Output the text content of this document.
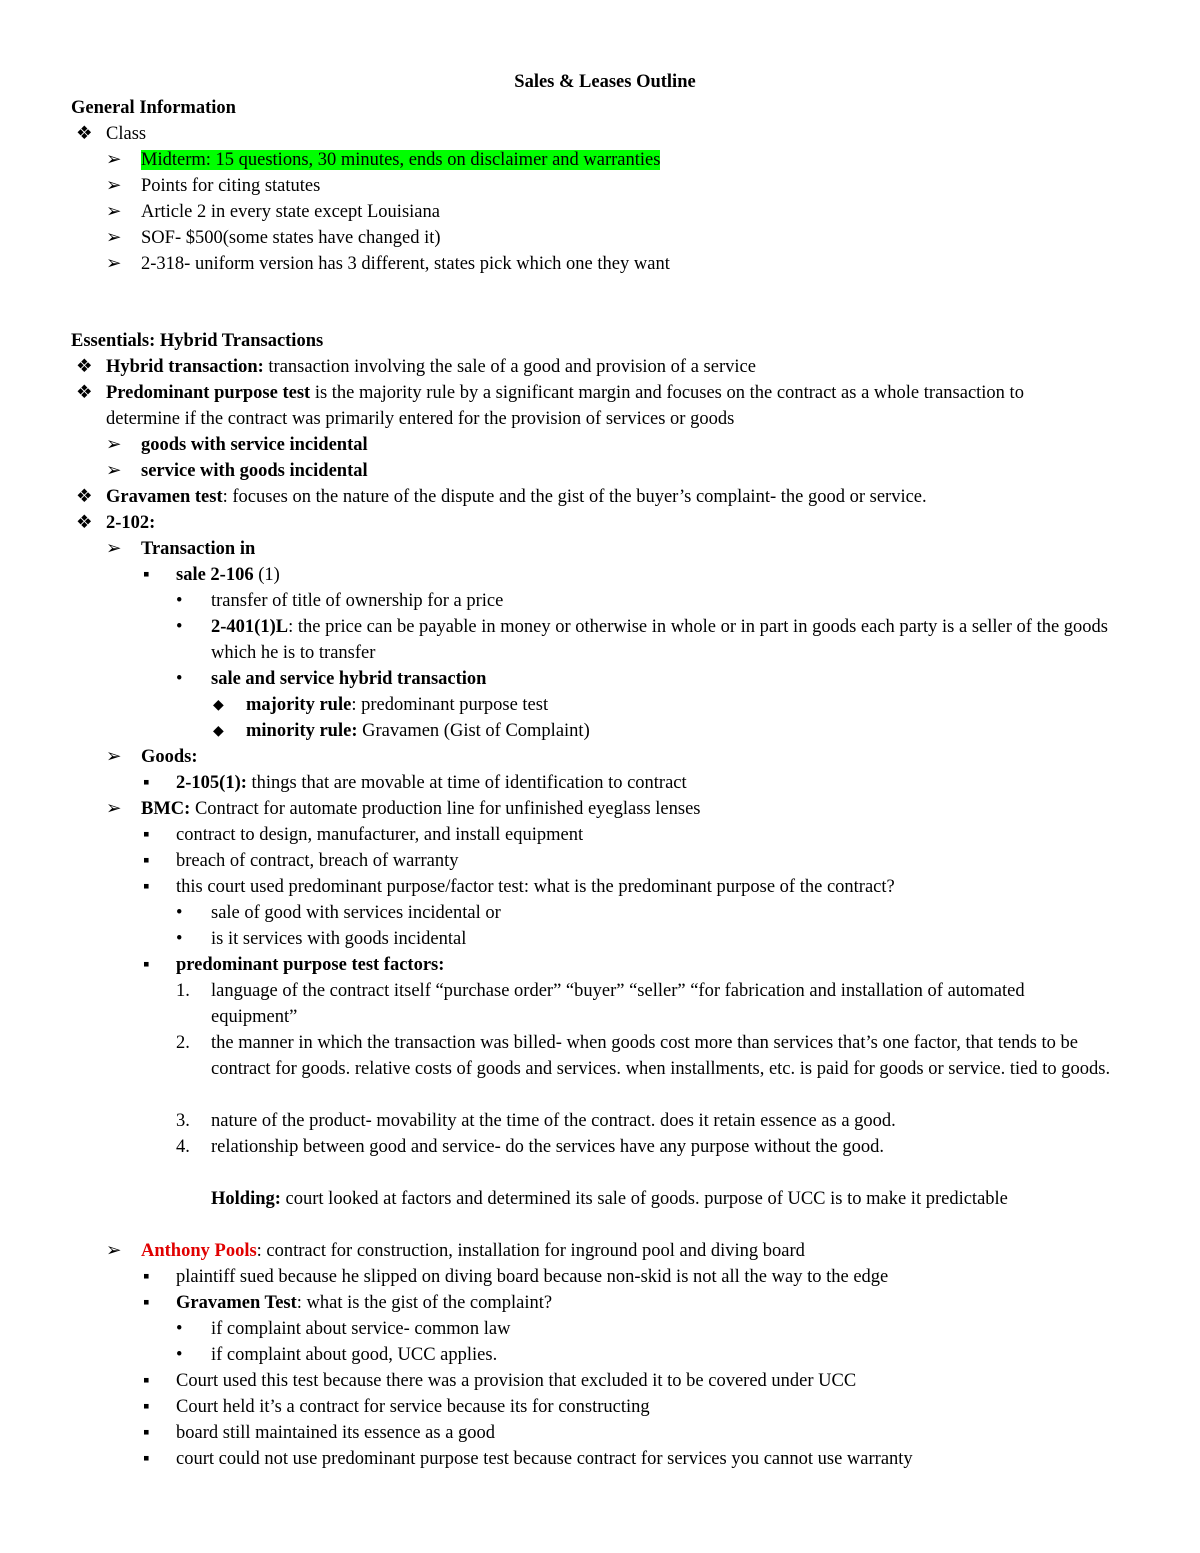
Sales & Leases Outline
General Information
❖ Class
➢ Midterm: 15 questions, 30 minutes, ends on disclaimer and warranties
➢ Points for citing statutes
➢ Article 2 in every state except Louisiana
➢ SOF- $500(some states have changed it)
➢ 2-318- uniform version has 3 different, states pick which one they want
Essentials: Hybrid Transactions
❖ Hybrid transaction: transaction involving the sale of a good and provision of a service
❖ Predominant purpose test is the majority rule by a significant margin and focuses on the contract as a whole transaction to determine if the contract was primarily entered for the provision of services or goods
➢ goods with service incidental
➢ service with goods incidental
❖ Gravamen test: focuses on the nature of the dispute and the gist of the buyer’s complaint- the good or service.
❖ 2-102:
➢ Transaction in
▪ sale 2-106 (1)
• transfer of title of ownership for a price
• 2-401(1)L: the price can be payable in money or otherwise in whole or in part in goods each party is a seller of the goods which he is to transfer
• sale and service hybrid transaction
◆ majority rule: predominant purpose test
◆ minority rule: Gravamen (Gist of Complaint)
➢ Goods:
▪ 2-105(1): things that are movable at time of identification to contract
➢ BMC: Contract for automate production line for unfinished eyeglass lenses
▪ contract to design, manufacturer, and install equipment
▪ breach of contract, breach of warranty
▪ this court used predominant purpose/factor test: what is the predominant purpose of the contract?
• sale of good with services incidental or
• is it services with goods incidental
▪ predominant purpose test factors:
1. language of the contract itself “purchase order” “buyer” “seller” “for fabrication and installation of automated equipment”
2. the manner in which the transaction was billed- when goods cost more than services that’s one factor, that tends to be contract for goods. relative costs of goods and services. when installments, etc. is paid for goods or service. tied to goods.
3. nature of the product- movability at the time of the contract. does it retain essence as a good.
4. relationship between good and service- do the services have any purpose without the good.
Holding: court looked at factors and determined its sale of goods. purpose of UCC is to make it predictable
➢ Anthony Pools: contract for construction, installation for inground pool and diving board
▪ plaintiff sued because he slipped on diving board because non-skid is not all the way to the edge
▪ Gravamen Test: what is the gist of the complaint?
• if complaint about service- common law
• if complaint about good, UCC applies.
▪ Court used this test because there was a provision that excluded it to be covered under UCC
▪ Court held it’s a contract for service because its for constructing
▪ board still maintained its essence as a good
▪ court could not use predominant purpose test because contract for services you cannot use warranty
